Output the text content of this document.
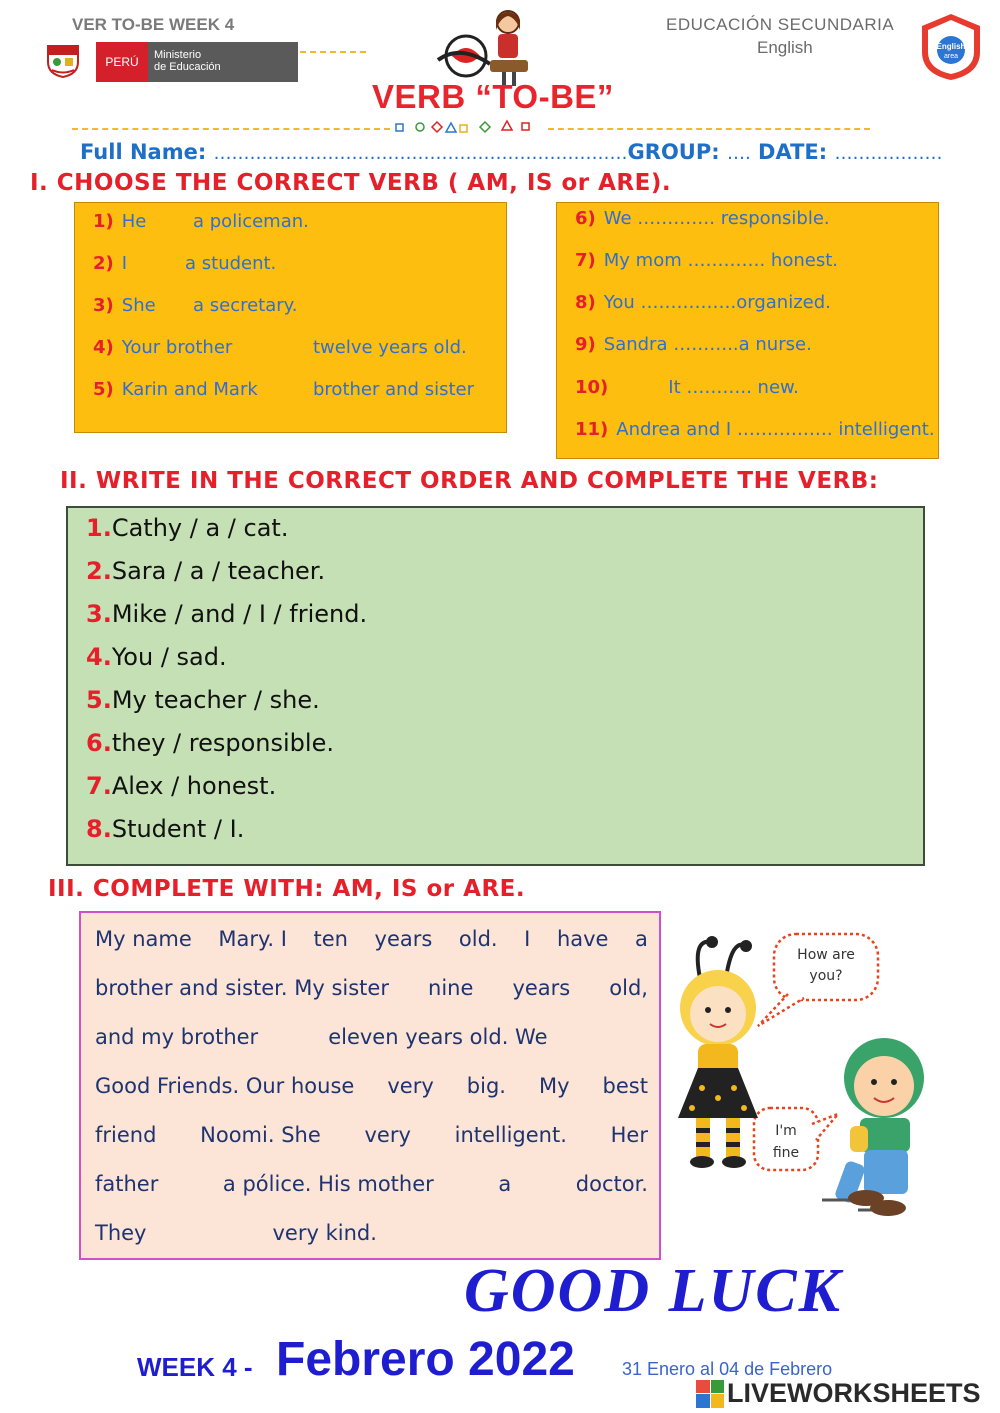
VER TO-BE WEEK 4	EDUCACIÓN SECUNDARIA
English
PERÚ	Ministerio
de Educación
English
area
VERB “TO-BE”
Full Name: ……………………………………………………………GROUP: …. DATE: ………………
I. CHOOSE THE CORRECT VERB ( AM, IS or ARE).
1) He	a policeman.
2) I	a student.
3) She a secretary.
4) Your brother	twelve years old.
5) Karin and Mark	brother and sister
6) We …………. responsible.
7) My mom …………. honest.
8) You …………….organized.
9) Sandra ………..a nurse.
10)	It ……….. new.
11) Andrea and I ……………. intelligent.
II. WRITE IN THE CORRECT ORDER AND COMPLETE THE VERB:
1.Cathy / a / cat.
2.Sara / a / teacher.
3.Mike / and / I / friend.
4.You / sad.
5.My teacher / she.
6.they / responsible.
7.Alex / honest.
8.Student / I.
III. COMPLETE WITH: AM, IS or ARE.
My name Mary. I ten years old. I have a
brother and sister. My sister nine years old,
and my brother	eleven years old. We
Good Friends. Our house very big. My best
friend Noomi. She very intelligent. Her
father	a pólice. His mother	a	doctor.
They	very kind.
How are
you?
I'm
fine
GOOD LUCK
WEEK 4 - Febrero 2022	31 Enero al 04 de Febrero
LIVEWORKSHEETS
